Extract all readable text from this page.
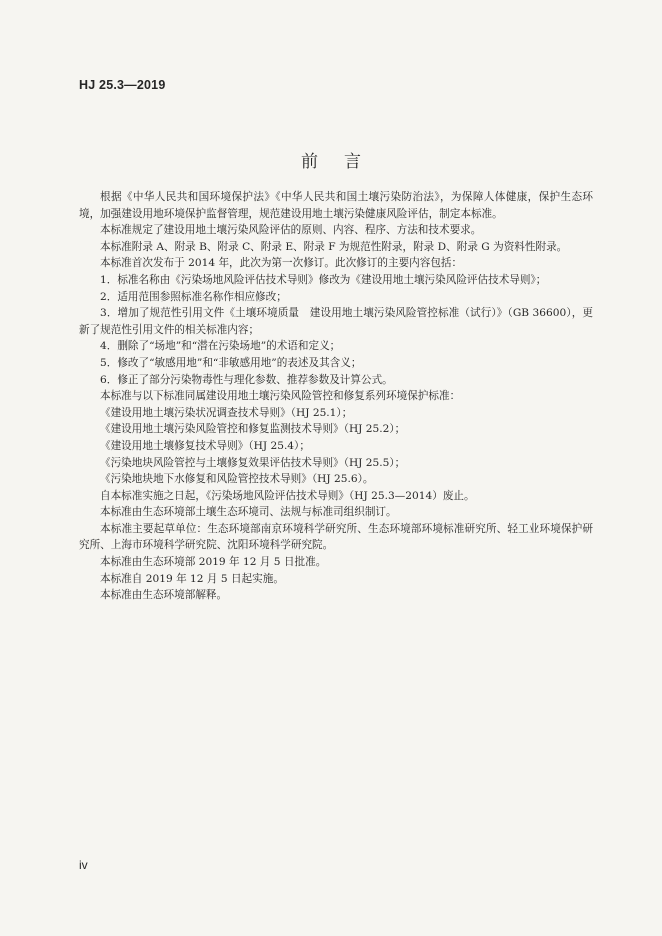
HJ 25.3—2019
前言

根据《中华人民共和国环境保护法》《中华人民共和国土壤污染防治法》，为保障人体健康，保护生态环境，加强建设用地环境保护监督管理，规范建设用地土壤污染健康风险评估，制定本标准。

本标准规定了建设用地土壤污染风险评估的原则、内容、程序、方法和技术要求。

本标准附录 A、附录 B、附录 C、附录 E、附录 F 为规范性附录，附录 D、附录 G 为资料性附录。

本标准首次发布于 2014 年，此次为第一次修订。此次修订的主要内容包括：

1．标准名称由《污染场地风险评估技术导则》修改为《建设用地土壤污染风险评估技术导则》；

2．适用范围参照标准名称作相应修改；

3．增加了规范性引用文件《土壤环境质量　建设用地土壤污染风险管控标准（试行）》（GB 36600），更新了规范性引用文件的相关标准内容；

4．删除了“场地”和“潜在污染场地”的术语和定义；

5．修改了“敏感用地”和“非敏感用地”的表述及其含义；

6．修正了部分污染物毒性与理化参数、推荐参数及计算公式。

本标准与以下标准同属建设用地土壤污染风险管控和修复系列环境保护标准：

《建设用地土壤污染状况调查技术导则》（HJ 25.1）；

《建设用地土壤污染风险管控和修复监测技术导则》（HJ 25.2）；

《建设用地土壤修复技术导则》（HJ 25.4）；

《污染地块风险管控与土壤修复效果评估技术导则》（HJ 25.5）；

《污染地块地下水修复和风险管控技术导则》（HJ 25.6）。

自本标准实施之日起，《污染场地风险评估技术导则》（HJ 25.3—2014）废止。

本标准由生态环境部土壤生态环境司、法规与标准司组织制订。

本标准主要起草单位：生态环境部南京环境科学研究所、生态环境部环境标准研究所、轻工业环境保护研究所、上海市环境科学研究院、沈阳环境科学研究院。

本标准由生态环境部 2019 年 12 月 5 日批准。

本标准自 2019 年 12 月 5 日起实施。

本标准由生态环境部解释。

iv
